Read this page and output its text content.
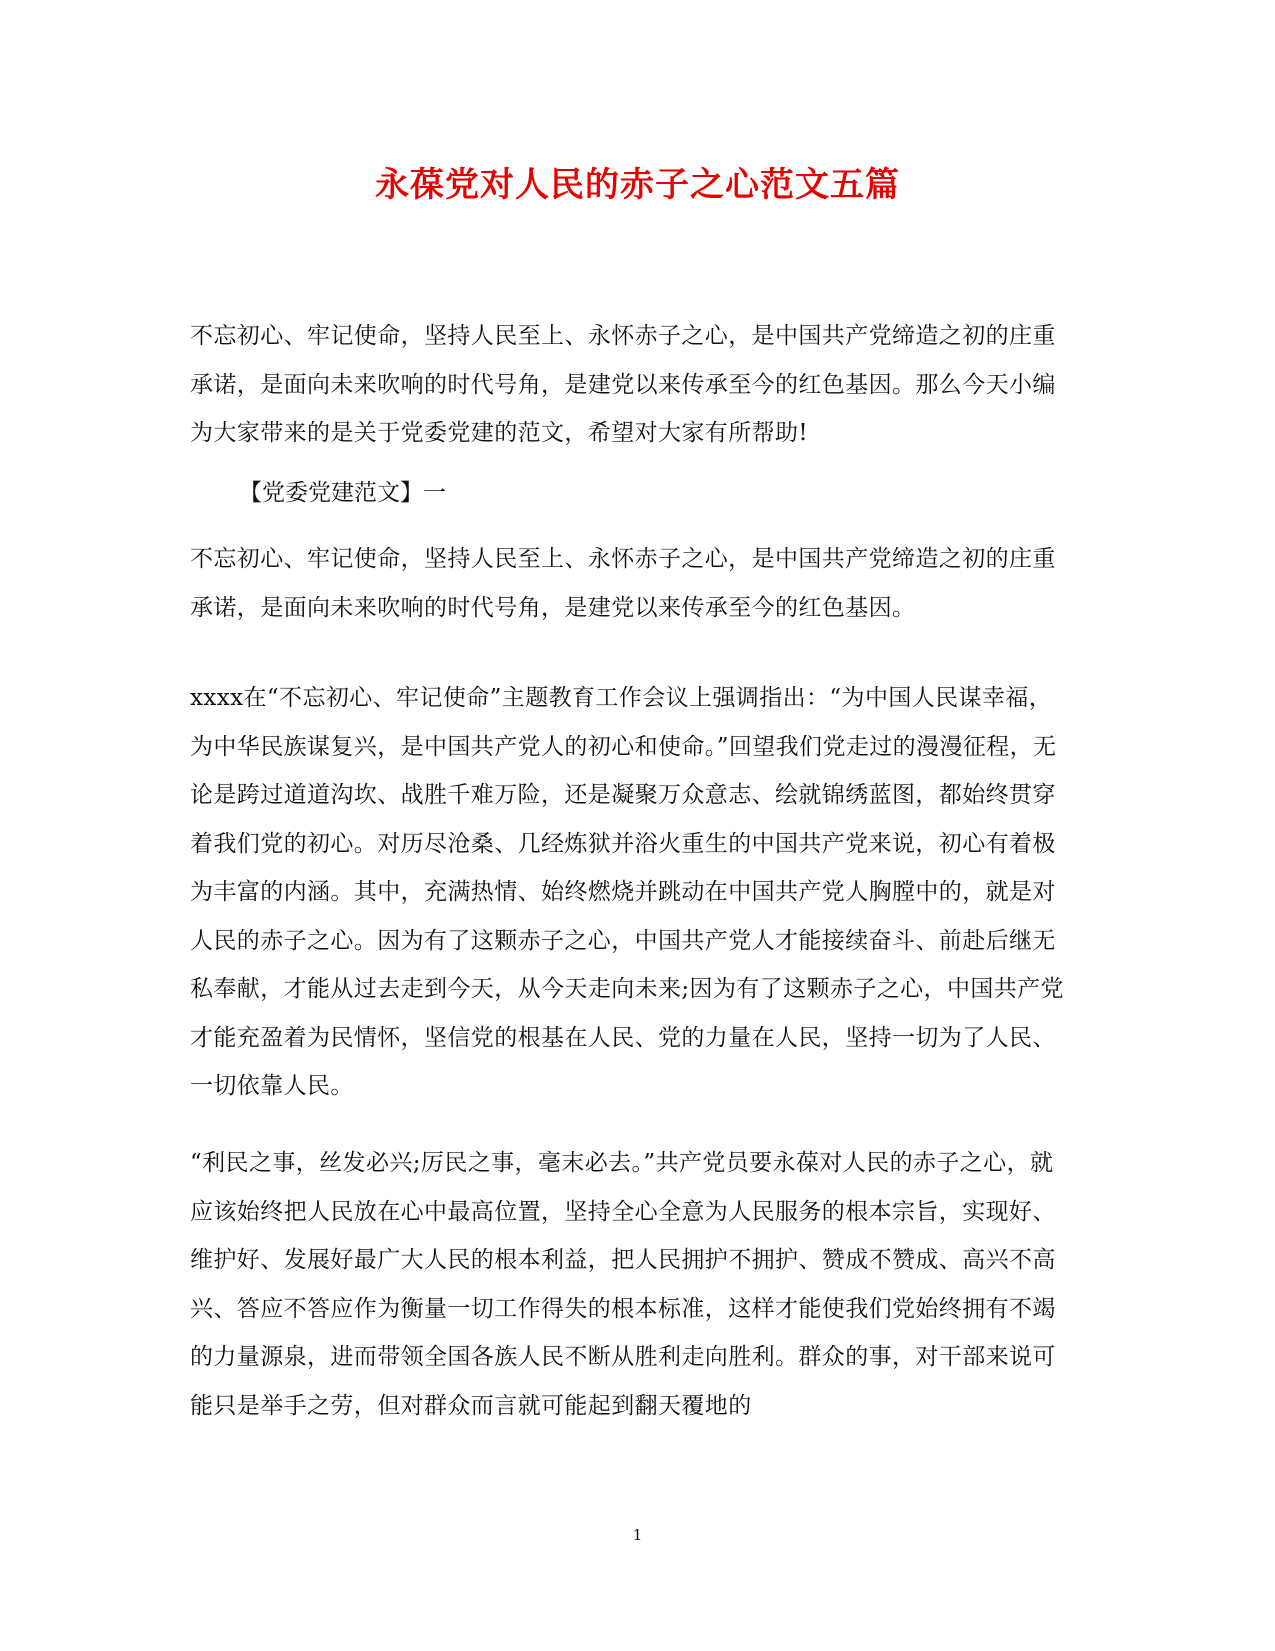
永葆党对人民的赤子之心范文五篇

不忘初心、牢记使命，坚持人民至上、永怀赤子之心，是中国共产党缔造之初的庄重承诺，是面向未来吹响的时代号角，是建党以来传承至今的红色基因。那么今天小编为大家带来的是关于党委党建的范文，希望对大家有所帮助!

【党委党建范文】一

不忘初心、牢记使命，坚持人民至上、永怀赤子之心，是中国共产党缔造之初的庄重承诺，是面向未来吹响的时代号角，是建党以来传承至今的红色基因。

xxxx在“不忘初心、牢记使命”主题教育工作会议上强调指出：“为中国人民谋幸福，为中华民族谋复兴，是中国共产党人的初心和使命。”回望我们党走过的漫漫征程，无论是跨过道道沟坎、战胜千难万险，还是凝聚万众意志、绘就锦绣蓝图，都始终贯穿着我们党的初心。对历尽沧桑、几经炼狱并浴火重生的中国共产党来说，初心有着极为丰富的内涵。其中，充满热情、始终燃烧并跳动在中国共产党人胸膛中的，就是对人民的赤子之心。因为有了这颗赤子之心，中国共产党人才能接续奋斗、前赴后继无私奉献，才能从过去走到今天，从今天走向未来;因为有了这颗赤子之心，中国共产党才能充盈着为民情怀，坚信党的根基在人民、党的力量在人民，坚持一切为了人民、一切依靠人民。

“利民之事，丝发必兴;厉民之事，毫末必去。”共产党员要永葆对人民的赤子之心，就应该始终把人民放在心中最高位置，坚持全心全意为人民服务的根本宗旨，实现好、维护好、发展好最广大人民的根本利益，把人民拥护不拥护、赞成不赞成、高兴不高兴、答应不答应作为衡量一切工作得失的根本标准，这样才能使我们党始终拥有不竭的力量源泉，进而带领全国各族人民不断从胜利走向胜利。群众的事，对干部来说可能只是举手之劳，但对群众而言就可能起到翻天覆地的

1
